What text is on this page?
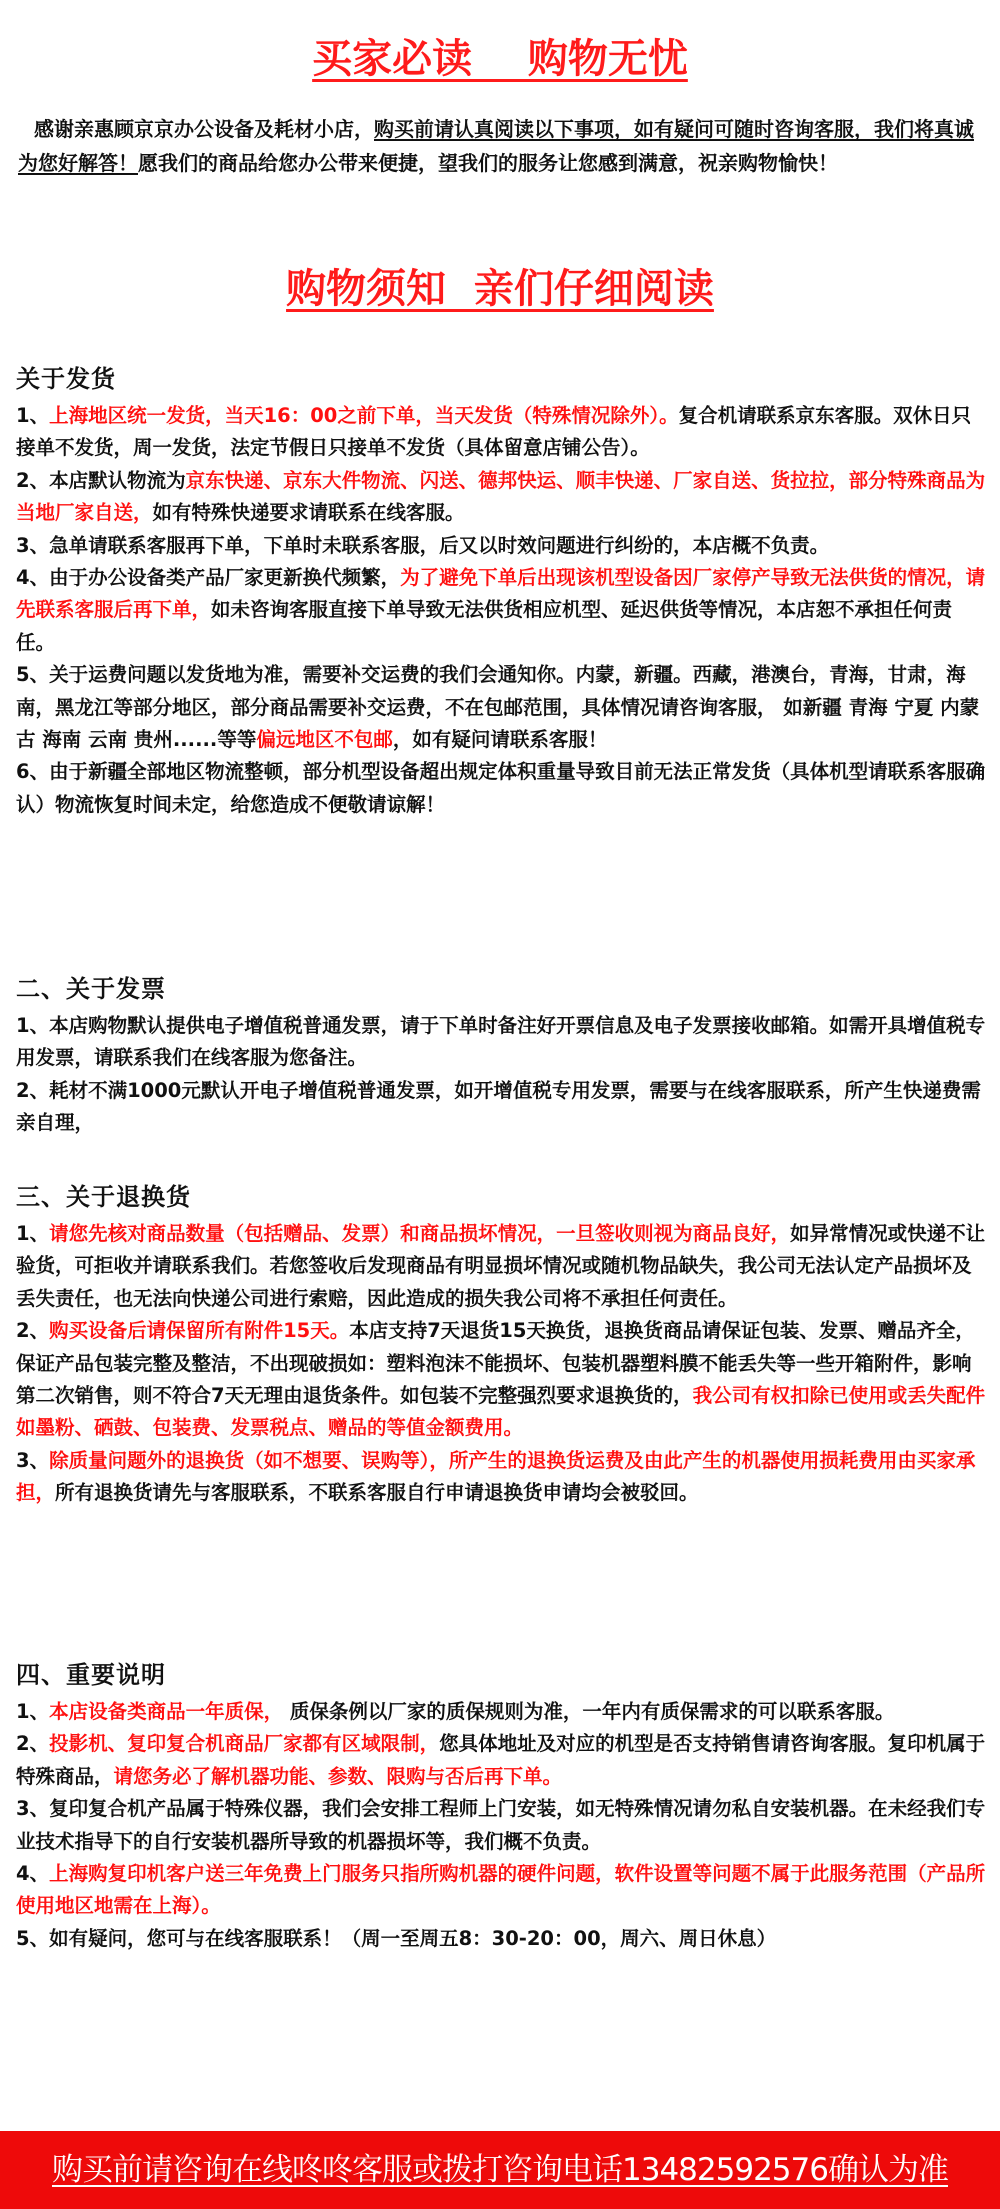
买家必读    购物无忧
感谢亲惠顾京京办公设备及耗材小店，购买前请认真阅读以下事项，如有疑问可随时咨询客服，我们将真诚为您好解答！愿我们的商品给您办公带来便捷，望我们的服务让您感到满意，祝亲购物愉快！
购物须知  亲们仔细阅读
关于发货

1、上海地区统一发货，当天16：00之前下单，当天发货（特殊情况除外）。复合机请联系京东客服。双休日只接单不发货，周一发货，法定节假日只接单不发货（具体留意店铺公告）。

2、本店默认物流为京东快递、京东大件物流、闪送、德邦快运、顺丰快递、厂家自送、货拉拉，部分特殊商品为当地厂家自送，如有特殊快递要求请联系在线客服。

3、急单请联系客服再下单，下单时未联系客服，后又以时效问题进行纠纷的，本店概不负责。

4、由于办公设备类产品厂家更新换代频繁，为了避免下单后出现该机型设备因厂家停产导致无法供货的情况，请先联系客服后再下单，如未咨询客服直接下单导致无法供货相应机型、延迟供货等情况，本店恕不承担任何责任。

5、关于运费问题以发货地为准，需要补交运费的我们会通知你。内蒙，新疆。西藏，港澳台，青海，甘肃，海南，黑龙江等部分地区，部分商品需要补交运费，不在包邮范围，具体情况请咨询客服， 如新疆 青海 宁夏 内蒙古 海南 云南 贵州......等等偏远地区不包邮，如有疑问请联系客服！

6、由于新疆全部地区物流整顿，部分机型设备超出规定体积重量导致目前无法正常发货（具体机型请联系客服确认）物流恢复时间未定，给您造成不便敬请谅解！

二、关于发票

1、本店购物默认提供电子增值税普通发票，请于下单时备注好开票信息及电子发票接收邮箱。如需开具增值税专用发票，请联系我们在线客服为您备注。

2、耗材不满1000元默认开电子增值税普通发票，如开增值税专用发票，需要与在线客服联系，所产生快递费需亲自理，

三、关于退换货

1、请您先核对商品数量（包括赠品、发票）和商品损坏情况，一旦签收则视为商品良好，如异常情况或快递不让验货，可拒收并请联系我们。若您签收后发现商品有明显损坏情况或随机物品缺失，我公司无法认定产品损坏及丢失责任，也无法向快递公司进行索赔，因此造成的损失我公司将不承担任何责任。

2、购买设备后请保留所有附件15天。本店支持7天退货15天换货，退换货商品请保证包装、发票、赠品齐全，保证产品包装完整及整洁，不出现破损如：塑料泡沫不能损坏、包装机器塑料膜不能丢失等一些开箱附件，影响第二次销售，则不符合7天无理由退货条件。如包装不完整强烈要求退换货的，我公司有权扣除已使用或丢失配件如墨粉、硒鼓、包装费、发票税点、赠品的等值金额费用。

3、除质量问题外的退换货（如不想要、误购等），所产生的退换货运费及由此产生的机器使用损耗费用由买家承担，所有退换货请先与客服联系，不联系客服自行申请退换货申请均会被驳回。

四、重要说明

1、本店设备类商品一年质保， 质保条例以厂家的质保规则为准，一年内有质保需求的可以联系客服。

2、投影机、复印复合机商品厂家都有区域限制，您具体地址及对应的机型是否支持销售请咨询客服。复印机属于特殊商品，请您务必了解机器功能、参数、限购与否后再下单。

3、复印复合机产品属于特殊仪器，我们会安排工程师上门安装，如无特殊情况请勿私自安装机器。在未经我们专业技术指导下的自行安装机器所导致的机器损坏等，我们概不负责。

4、上海购复印机客户送三年免费上门服务只指所购机器的硬件问题，软件设置等问题不属于此服务范围（产品所使用地区地需在上海）。

5、如有疑问，您可与在线客服联系！（周一至周五8：30-20：00，周六、周日休息）

购买前请咨询在线咚咚客服或拨打咨询电话13482592576确认为准
